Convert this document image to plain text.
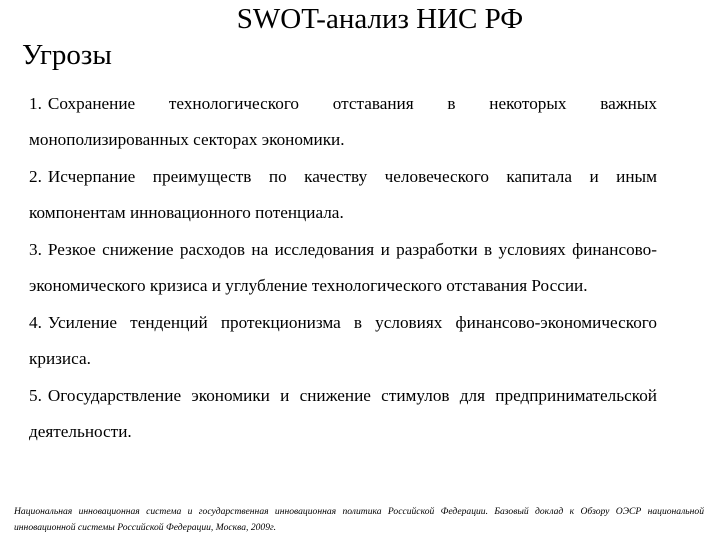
SWOT-анализ НИС РФ
Угрозы
1. Сохранение технологического отставания в некоторых важных монополизированных секторах экономики.
2. Исчерпание преимуществ по качеству человеческого капитала и иным компонентам инновационного потенциала.
3. Резкое снижение расходов на исследования и разработки в условиях финансово-экономического кризиса и углубление технологического отставания России.
4. Усиление тенденций протекционизма в условиях финансово-экономического кризиса.
5. Огосударствление экономики и снижение стимулов для предпринимательской деятельности.
Национальная инновационная система и государственная инновационная политика Российской Федерации. Базовый доклад к Обзору ОЭСР национальной инновационной системы Российской Федерации, Москва, 2009г.
